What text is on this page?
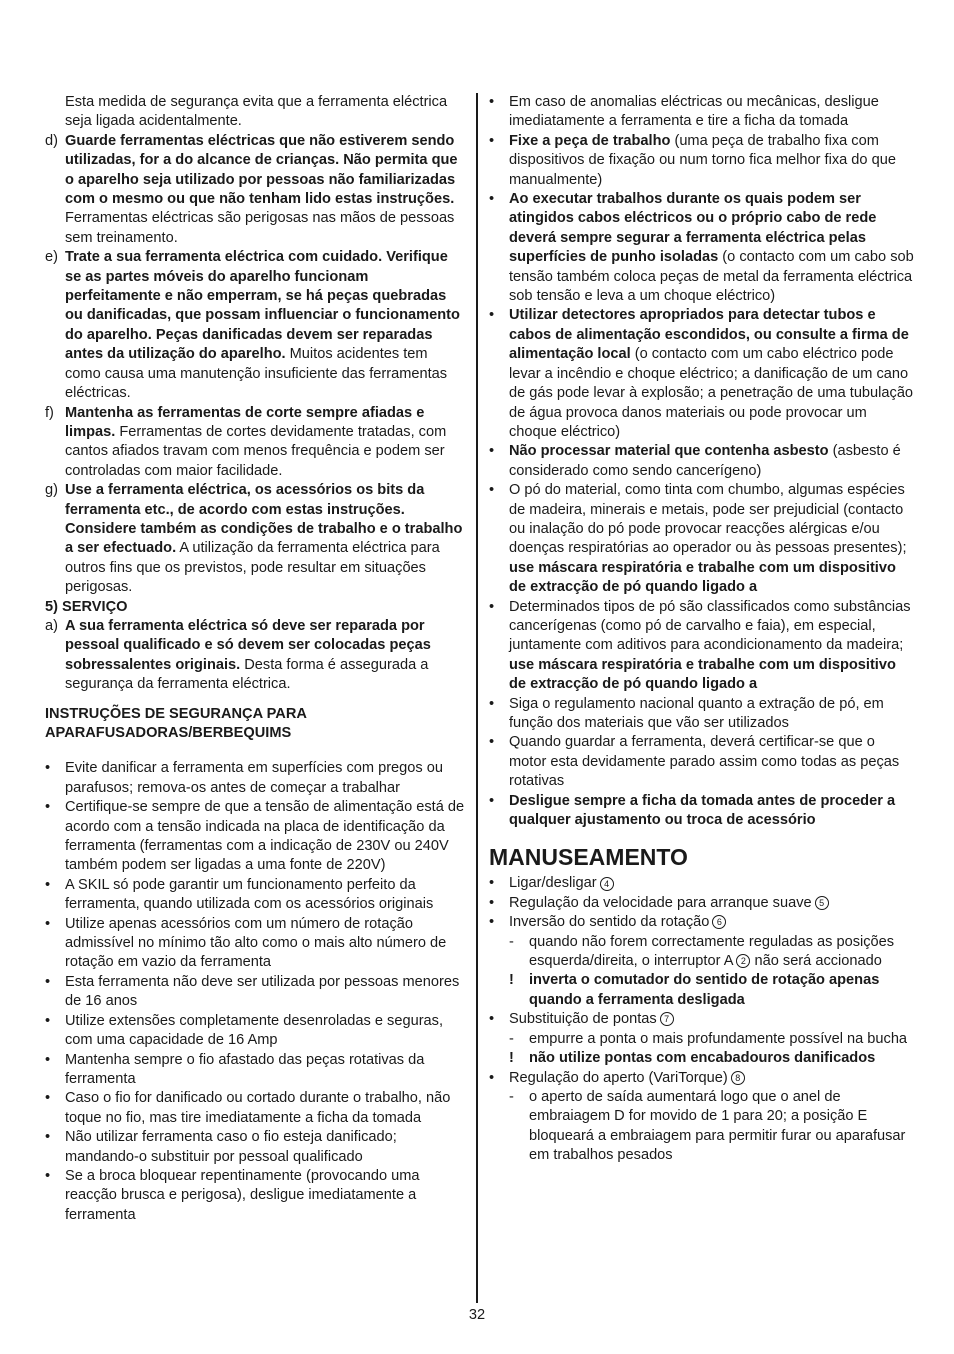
Esta medida de segurança evita que a ferramenta eléctrica seja ligada acidentalmente.
d) Guarde ferramentas eléctricas que não estiverem sendo utilizadas, for a do alcance de crianças. Não permita que o aparelho seja utilizado por pessoas não familiarizadas com o mesmo ou que não tenham lido estas instruções. Ferramentas eléctricas são perigosas nas mãos de pessoas sem treinamento.
e) Trate a sua ferramenta eléctrica com cuidado. Verifique se as partes móveis do aparelho funcionam perfeitamente e não emperram, se há peças quebradas ou danificadas, que possam influenciar o funcionamento do aparelho. Peças danificadas devem ser reparadas antes da utilização do aparelho. Muitos acidentes tem como causa uma manutenção insuficiente das ferramentas eléctricas.
f) Mantenha as ferramentas de corte sempre afiadas e limpas. Ferramentas de cortes devidamente tratadas, com cantos afiados travam com menos frequência e podem ser controladas com maior facilidade.
g) Use a ferramenta eléctrica, os acessórios os bits da ferramenta etc., de acordo com estas instruções. Considere também as condições de trabalho e o trabalho a ser efectuado. A utilização da ferramenta eléctrica para outros fins que os previstos, pode resultar em situações perigosas.
5) SERVIÇO
a) A sua ferramenta eléctrica só deve ser reparada por pessoal qualificado e só devem ser colocadas peças sobressalentes originais. Desta forma é assegurada a segurança da ferramenta eléctrica.
INSTRUÇÕES DE SEGURANÇA PARA
APARAFUSADORAS/BERBEQUIMS
• Evite danificar a ferramenta em superfícies com pregos ou parafusos; remova-os antes de começar a trabalhar
• Certifique-se sempre de que a tensão de alimentação está de acordo com a tensão indicada na placa de identificação da ferramenta (ferramentas com a indicação de 230V ou 240V também podem ser ligadas a uma fonte de 220V)
• A SKIL só pode garantir um funcionamento perfeito da ferramenta, quando utilizada com os acessórios originais
• Utilize apenas acessórios com um número de rotação admissível no mínimo tão alto como o mais alto número de rotação em vazio da ferramenta
• Esta ferramenta não deve ser utilizada por pessoas menores de 16 anos
• Utilize extensões completamente desenroladas e seguras, com uma capacidade de 16 Amp
• Mantenha sempre o fio afastado das peças rotativas da ferramenta
• Caso o fio for danificado ou cortado durante o trabalho, não toque no fio, mas tire imediatamente a ficha da tomada
• Não utilizar ferramenta caso o fio esteja danificado; mandando-o substituir por pessoal qualificado
• Se a broca bloquear repentinamente (provocando uma reacção brusca e perigosa), desligue imediatamente a ferramenta
• Em caso de anomalias eléctricas ou mecânicas, desligue imediatamente a ferramenta e tire a ficha da tomada
• Fixe a peça de trabalho (uma peça de trabalho fixa com dispositivos de fixação ou num torno fica melhor fixa do que manualmente)
• Ao executar trabalhos durante os quais podem ser atingidos cabos eléctricos ou o próprio cabo de rede deverá sempre segurar a ferramenta eléctrica pelas superfícies de punho isoladas (o contacto com um cabo sob tensão também coloca peças de metal da ferramenta eléctrica sob tensão e leva a um choque eléctrico)
• Utilizar detectores apropriados para detectar tubos e cabos de alimentação escondidos, ou consulte a firma de alimentação local (o contacto com um cabo eléctrico pode levar a incêndio e choque eléctrico; a danificação de um cano de gás pode levar à explosão; a penetração de uma tubulação de água provoca danos materiais ou pode provocar um choque eléctrico)
• Não processar material que contenha asbesto (asbesto é considerado como sendo cancerígeno)
• O pó do material, como tinta com chumbo, algumas espécies de madeira, minerais e metais, pode ser prejudicial (contacto ou inalação do pó pode provocar reacções alérgicas e/ou doenças respiratórias ao operador ou às pessoas presentes); use máscara respiratória e trabalhe com um dispositivo de extracção de pó quando ligado a
• Determinados tipos de pó são classificados como substâncias cancerígenas (como pó de carvalho e faia), em especial, juntamente com aditivos para acondicionamento da madeira; use máscara respiratória e trabalhe com um dispositivo de extracção de pó quando ligado a
• Siga o regulamento nacional quanto a extração de pó, em função dos materiais que vão ser utilizados
• Quando guardar a ferramenta, deverá certificar-se que o motor esta devidamente parado assim como todas as peças rotativas
• Desligue sempre a ficha da tomada antes de proceder a qualquer ajustamento ou troca de acessório
MANUSEAMENTO
• Ligar/desligar 4
• Regulação da velocidade para arranque suave 5
• Inversão do sentido da rotação 6
- quando não forem correctamente reguladas as posições esquerda/direita, o interruptor A 2 não será accionado
! inverta o comutador do sentido de rotação apenas quando a ferramenta desligada
• Substituição de pontas 7
- empurre a ponta o mais profundamente possível na bucha
! não utilize pontas com encabadouros danificados
• Regulação do aperto (VariTorque) 8
- o aperto de saída aumentará logo que o anel de embraiagem D for movido de 1 para 20; a posição E bloqueará a embraiagem para permitir furar ou aparafusar em trabalhos pesados
32
